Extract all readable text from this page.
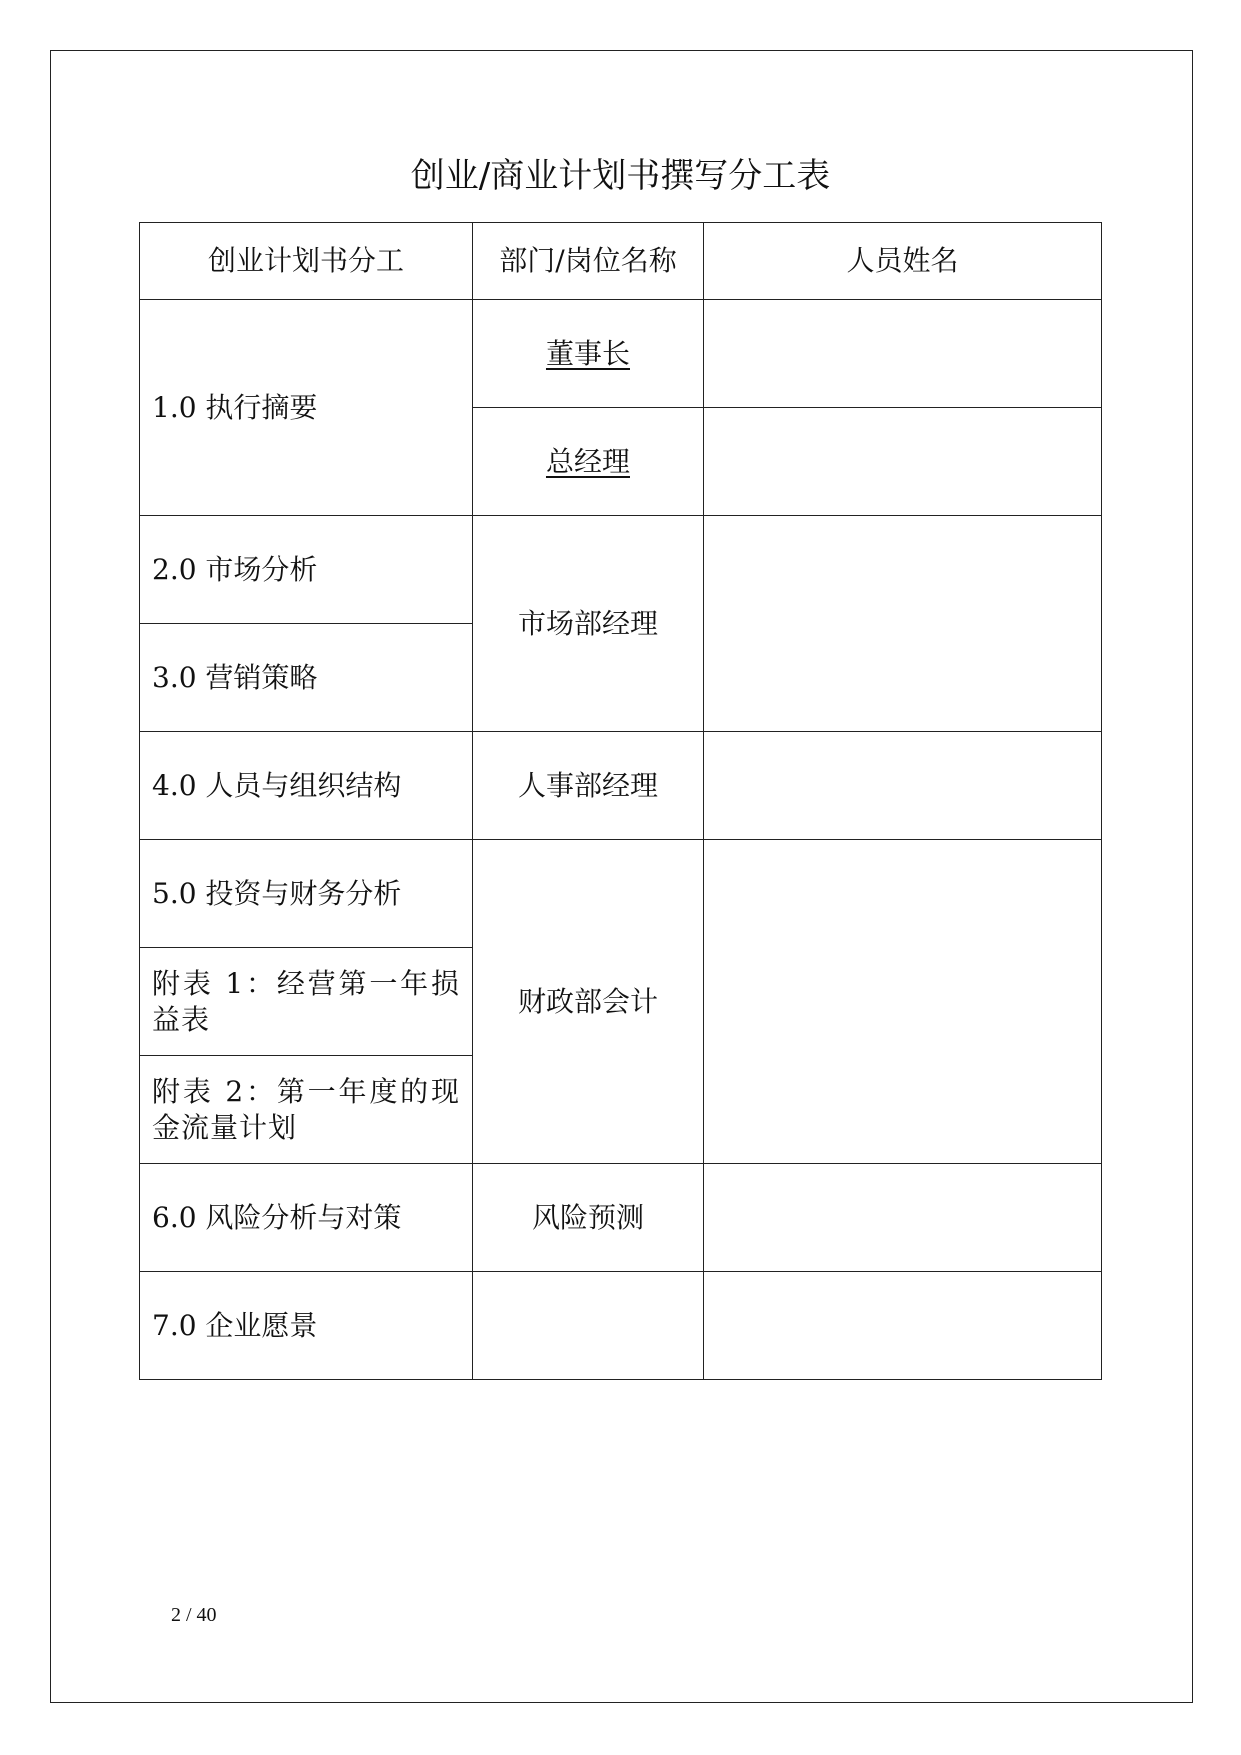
创业/商业计划书撰写分工表
创业计划书分工	部门/岗位名称	人员姓名
1.0 执行摘要	董事长	
	总经理	
2.0 市场分析	市场部经理	
3.0 营销策略		
4.0 人员与组织结构	人事部经理	
5.0 投资与财务分析	财政部会计	
附表 1：经营第一年损益表		
附表 2：第一年度的现金流量计划		
6.0 风险分析与对策	风险预测	
7.0 企业愿景		
2 / 40
